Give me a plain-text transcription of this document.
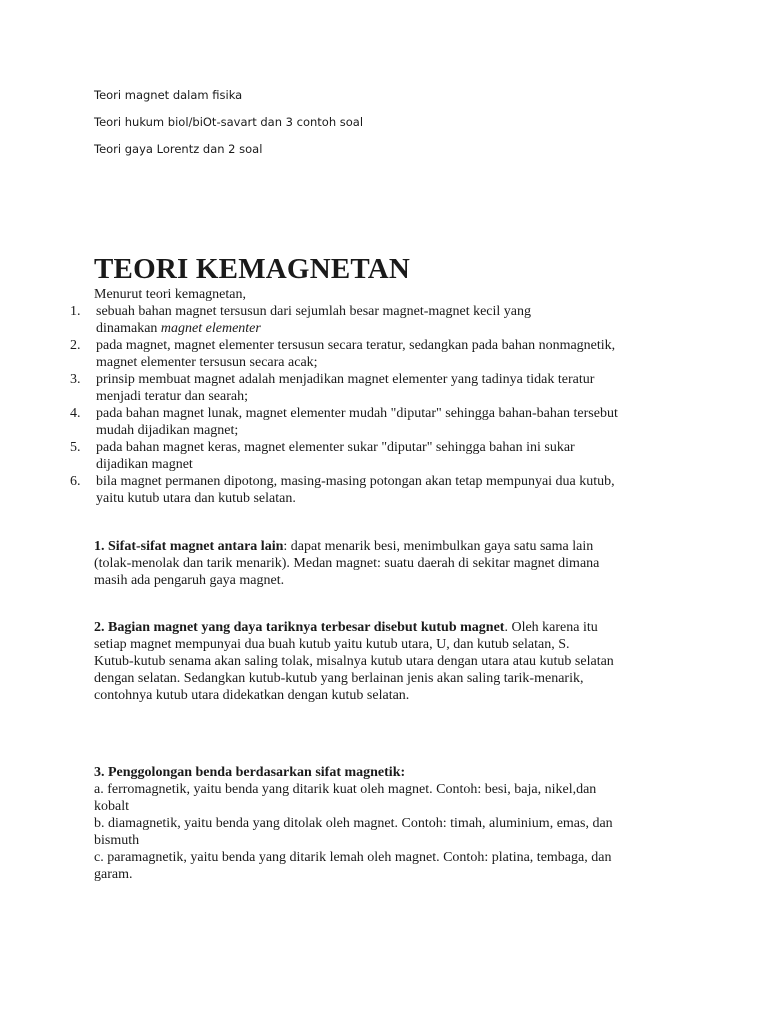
Teori magnet dalam fisika
Teori hukum biol/biOt-savart dan 3 contoh soal
Teori gaya Lorentz dan 2 soal
TEORI KEMAGNETAN

Menurut teori kemagnetan,

1. sebuah bahan magnet tersusun dari sejumlah besar magnet-magnet kecil yang
dinamakan magnet elementer
2. pada magnet, magnet elementer tersusun secara teratur, sedangkan pada bahan nonmagnetik,
magnet elementer tersusun secara acak;
3. prinsip membuat magnet adalah menjadikan magnet elementer yang tadinya tidak teratur
menjadi teratur dan searah;
4. pada bahan magnet lunak, magnet elementer mudah "diputar" sehingga bahan-bahan tersebut
mudah dijadikan magnet;
5. pada bahan magnet keras, magnet elementer sukar "diputar" sehingga bahan ini sukar
dijadikan magnet
6. bila magnet permanen dipotong, masing-masing potongan akan tetap mempunyai dua kutub,
yaitu kutub utara dan kutub selatan.
1. Sifat-sifat magnet antara lain: dapat menarik besi, menimbulkan gaya satu sama lain
(tolak-menolak dan tarik menarik). Medan magnet: suatu daerah di sekitar magnet dimana
masih ada pengaruh gaya magnet.
2. Bagian magnet yang daya tariknya terbesar disebut kutub magnet. Oleh karena itu
setiap magnet mempunyai dua buah kutub yaitu kutub utara, U, dan kutub selatan, S.
Kutub-kutub senama akan saling tolak, misalnya kutub utara dengan utara atau kutub selatan
dengan selatan. Sedangkan kutub-kutub yang berlainan jenis akan saling tarik-menarik,
contohnya kutub utara didekatkan dengan kutub selatan.
3. Penggolongan benda berdasarkan sifat magnetik:
a. ferromagnetik, yaitu benda yang ditarik kuat oleh magnet. Contoh: besi, baja, nikel,dan
kobalt
b. diamagnetik, yaitu benda yang ditolak oleh magnet. Contoh: timah, aluminium, emas, dan
bismuth
c. paramagnetik, yaitu benda yang ditarik lemah oleh magnet. Contoh: platina, tembaga, dan
garam.
